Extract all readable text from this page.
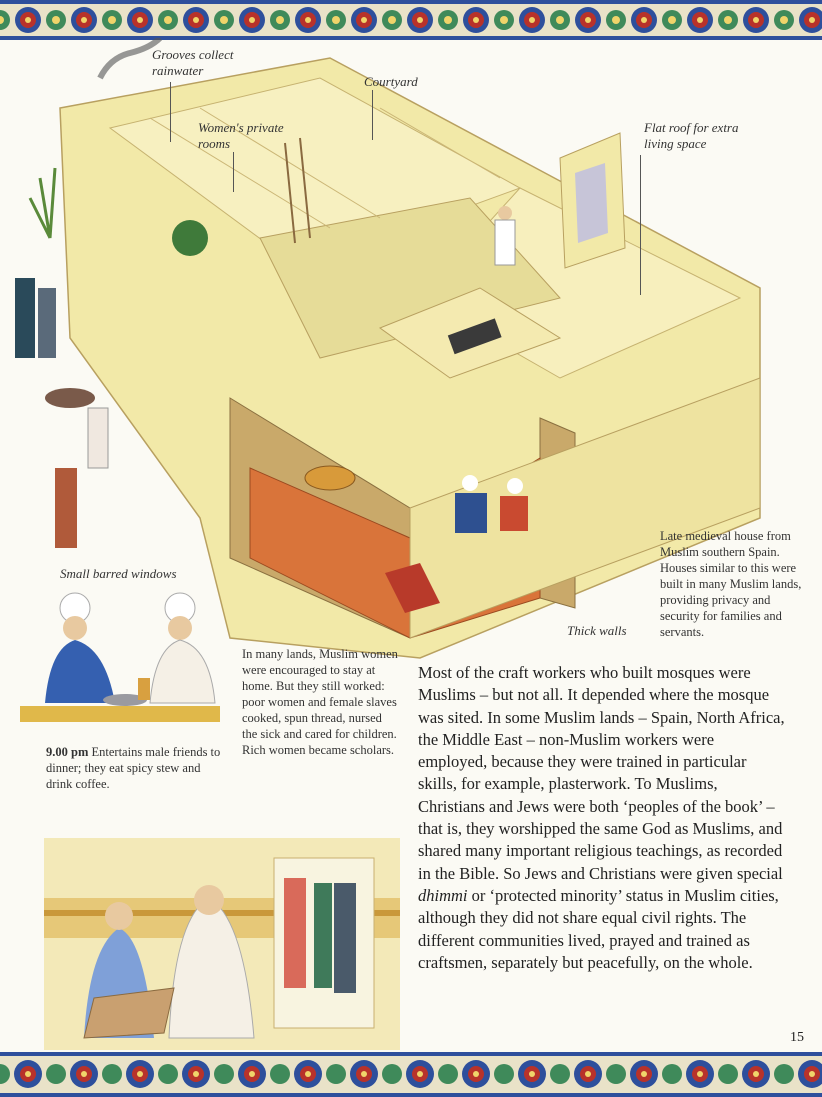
Grooves collect rainwater
Courtyard
Women's private rooms
Flat roof for extra living space
Small barred windows
Thick walls
Late medieval house from Muslim southern Spain. Houses similar to this were built in many Muslim lands, providing privacy and security for families and servants.
9.00 pm Entertains male friends to dinner; they eat spicy stew and drink coffee.
In many lands, Muslim women were encouraged to stay at home. But they still worked: poor women and female slaves cooked, spun thread, nursed the sick and cared for children. Rich women became scholars.
Most of the craft workers who built mosques were Muslims – but not all. It depended where the mosque was sited. In some Muslim lands – Spain, North Africa, the Middle East – non-Muslim workers were employed, because they were trained in particular skills, for example, plasterwork. To Muslims, Christians and Jews were both ‘peoples of the book’ – that is, they worshipped the same God as Muslims, and shared many important religious teachings, as recorded in the Bible. So Jews and Christians were given special dhimmi or ‘protected minority’ status in Muslim cities, although they did not share equal civil rights. The different communities lived, prayed and trained as craftsmen, separately but peacefully, on the whole.
15
